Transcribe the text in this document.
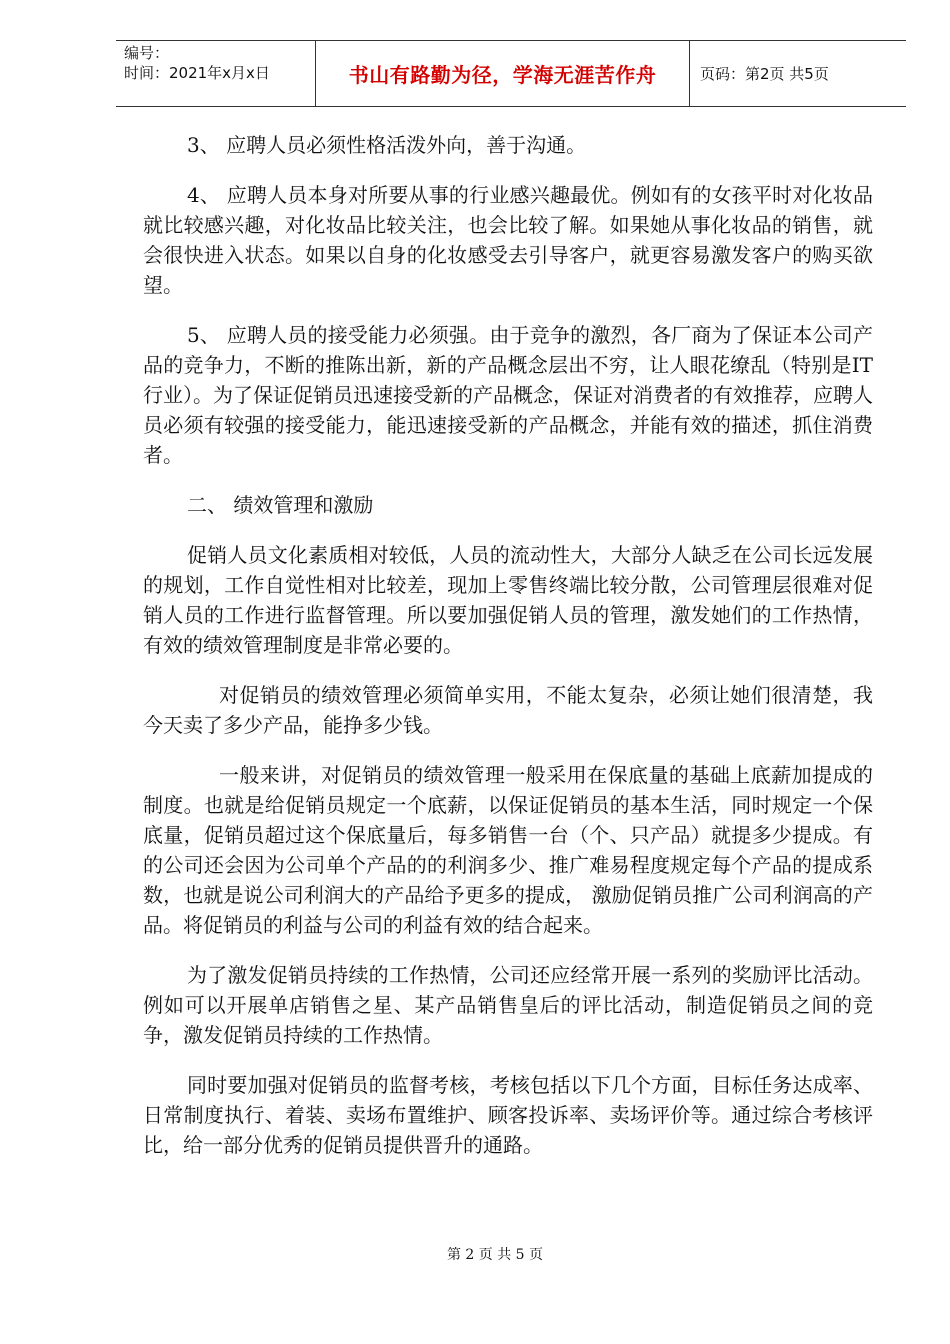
编号：
时间：2021年x月x日	书山有路勤为径，学海无涯苦作舟	页码：第2页 共5页

3、 应聘人员必须性格活泼外向，善于沟通。

4、 应聘人员本身对所要从事的行业感兴趣最优。例如有的女孩平时对化妆品就比较感兴趣，对化妆品比较关注，也会比较了解。如果她从事化妆品的销售，就会很快进入状态。如果以自身的化妆感受去引导客户，就更容易激发客户的购买欲望。

5、 应聘人员的接受能力必须强。由于竞争的激烈，各厂商为了保证本公司产品的竞争力，不断的推陈出新，新的产品概念层出不穷，让人眼花缭乱（特别是IT行业）。为了保证促销员迅速接受新的产品概念，保证对消费者的有效推荐，应聘人员必须有较强的接受能力，能迅速接受新的产品概念，并能有效的描述，抓住消费者。

二、 绩效管理和激励

促销人员文化素质相对较低，人员的流动性大，大部分人缺乏在公司长远发展的规划，工作自觉性相对比较差，现加上零售终端比较分散，公司管理层很难对促销人员的工作进行监督管理。所以要加强促销人员的管理，激发她们的工作热情，有效的绩效管理制度是非常必要的。

对促销员的绩效管理必须简单实用，不能太复杂，必须让她们很清楚，我今天卖了多少产品，能挣多少钱。

一般来讲，对促销员的绩效管理一般采用在保底量的基础上底薪加提成的制度。也就是给促销员规定一个底薪，以保证促销员的基本生活，同时规定一个保底量，促销员超过这个保底量后，每多销售一台（个、只产品）就提多少提成。有的公司还会因为公司单个产品的的利润多少、推广难易程度规定每个产品的提成系数，也就是说公司利润大的产品给予更多的提成， 激励促销员推广公司利润高的产品。将促销员的利益与公司的利益有效的结合起来。

为了激发促销员持续的工作热情，公司还应经常开展一系列的奖励评比活动。例如可以开展单店销售之星、某产品销售皇后的评比活动，制造促销员之间的竞争，激发促销员持续的工作热情。

同时要加强对促销员的监督考核，考核包括以下几个方面，目标任务达成率、日常制度执行、着装、卖场布置维护、顾客投诉率、卖场评价等。通过综合考核评比，给一部分优秀的促销员提供晋升的通路。

第 2 页 共 5 页
